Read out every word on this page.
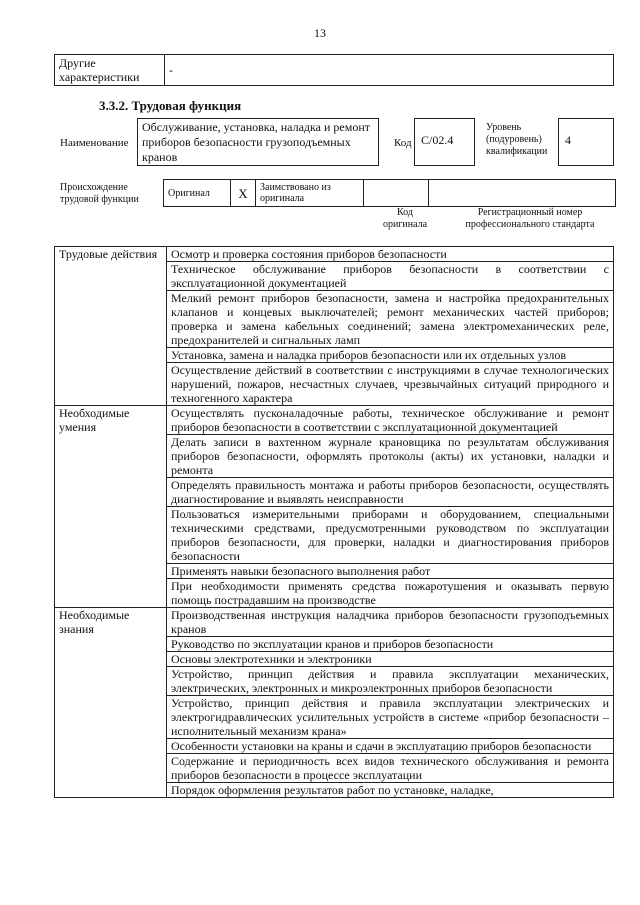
13
Другие характеристики	-
3.3.2. Трудовая функция
Наименование
Обслуживание, установка, наладка и ремонт приборов безопасности грузоподъемных кранов
Код С/02.4
Уровень (подуровень) квалификации
4
Происхождение трудовой функции
Оригинал	X	Заимствовано из оригинала		
Код оригинала
Регистрационный номер профессионального стандарта
Трудовые действия	Осмотр и проверка состояния приборов безопасности
	Техническое обслуживание приборов безопасности в соответствии с эксплуатационной документацией
	Мелкий ремонт приборов безопасности, замена и настройка предохранительных клапанов и концевых выключателей; ремонт механических частей приборов; проверка и замена кабельных соединений; замена электромеханических реле, предохранителей и сигнальных ламп
	Установка, замена и наладка приборов безопасности или их отдельных узлов
	Осуществление действий в соответствии с инструкциями в случае технологических нарушений, пожаров, несчастных случаев, чрезвычайных ситуаций природного и техногенного характера
Необходимые умения	Осуществлять пусконаладочные работы, техническое обслуживание и ремонт приборов безопасности в соответствии с эксплуатационной документацией
	Делать записи в вахтенном журнале крановщика по результатам обслуживания приборов безопасности, оформлять протоколы (акты) их установки, наладки и ремонта
	Определять правильность монтажа и работы приборов безопасности, осуществлять диагностирование и выявлять неисправности
	Пользоваться измерительными приборами и оборудованием, специальными техническими средствами, предусмотренными руководством по эксплуатации приборов безопасности, для проверки, наладки и диагностирования приборов безопасности
	Применять навыки безопасного выполнения работ
	При необходимости применять средства пожаротушения и оказывать первую помощь пострадавшим на производстве
Необходимые знания	Производственная инструкция наладчика приборов безопасности грузоподъемных кранов
	Руководство по эксплуатации кранов и приборов безопасности
	Основы электротехники и электроники
	Устройство, принцип действия и правила эксплуатации механических, электрических, электронных и микроэлектронных приборов безопасности
	Устройство, принцип действия и правила эксплуатации электрических и электрогидравлических усилительных устройств в системе «прибор безопасности – исполнительный механизм крана»
	Особенности установки на краны и сдачи в эксплуатацию приборов безопасности
	Содержание и периодичность всех видов технического обслуживания и ремонта приборов безопасности в процессе эксплуатации
	Порядок оформления результатов работ по установке, наладке,
